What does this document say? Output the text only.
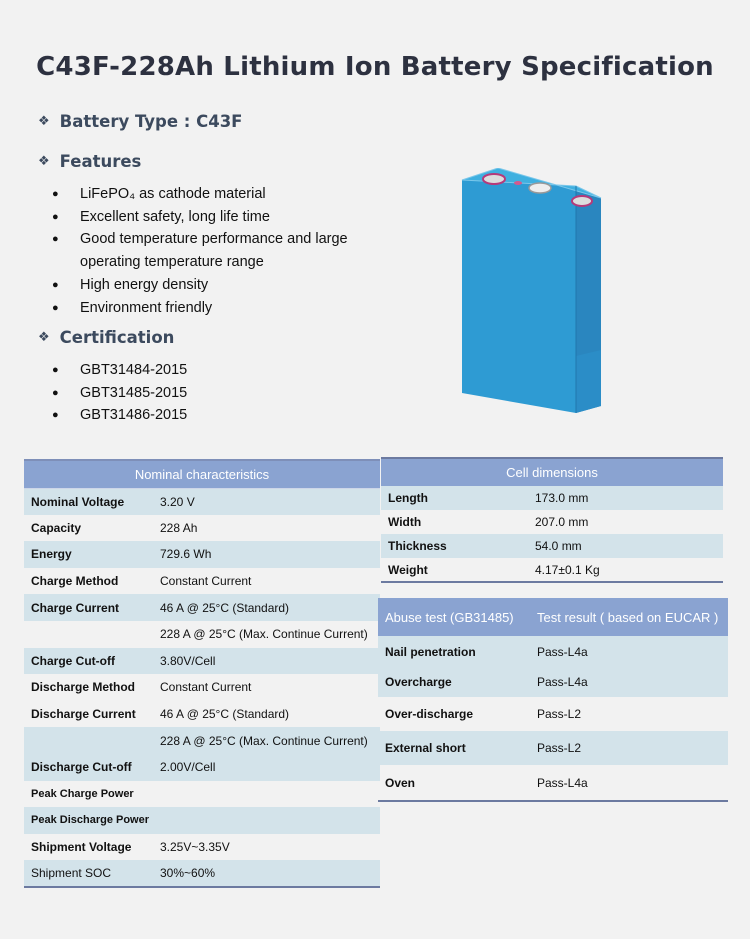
C43F-228Ah Lithium Ion Battery Specification
❖ Battery Type : C43F
❖ Features
●	LiFePO₄ as cathode material
●	Excellent safety, long life time
●	Good temperature performance and large operating temperature range
●	High energy density
●	Environment friendly
❖ Certification
●	GBT31484-2015
●	GBT31485-2015
●	GBT31486-2015
Nominal characteristics	
Nominal Voltage	3.20 V
Capacity	228 Ah
Energy	729.6 Wh
Charge Method	Constant Current
Charge Current	46 A @ 25°C (Standard)
	228 A @ 25°C (Max. Continue Current)
Charge Cut-off	3.80V/Cell
Discharge Method	Constant Current
Discharge Current	46 A @ 25°C (Standard)
	228 A @ 25°C (Max. Continue Current)
Discharge Cut-off	2.00V/Cell
Peak Charge Power	
Peak Discharge Power	
Shipment Voltage	3.25V~3.35V
Shipment SOC	30%~60%
Cell dimensions	
Length	173.0 mm
Width	207.0 mm
Thickness	54.0 mm
Weight	4.17±0.1 Kg
Abuse test (GB31485)	Test result ( based on EUCAR )
Nail penetration	Pass-L4a
Overcharge	Pass-L4a
Over-discharge	Pass-L2
External short	Pass-L2
Oven	Pass-L4a
